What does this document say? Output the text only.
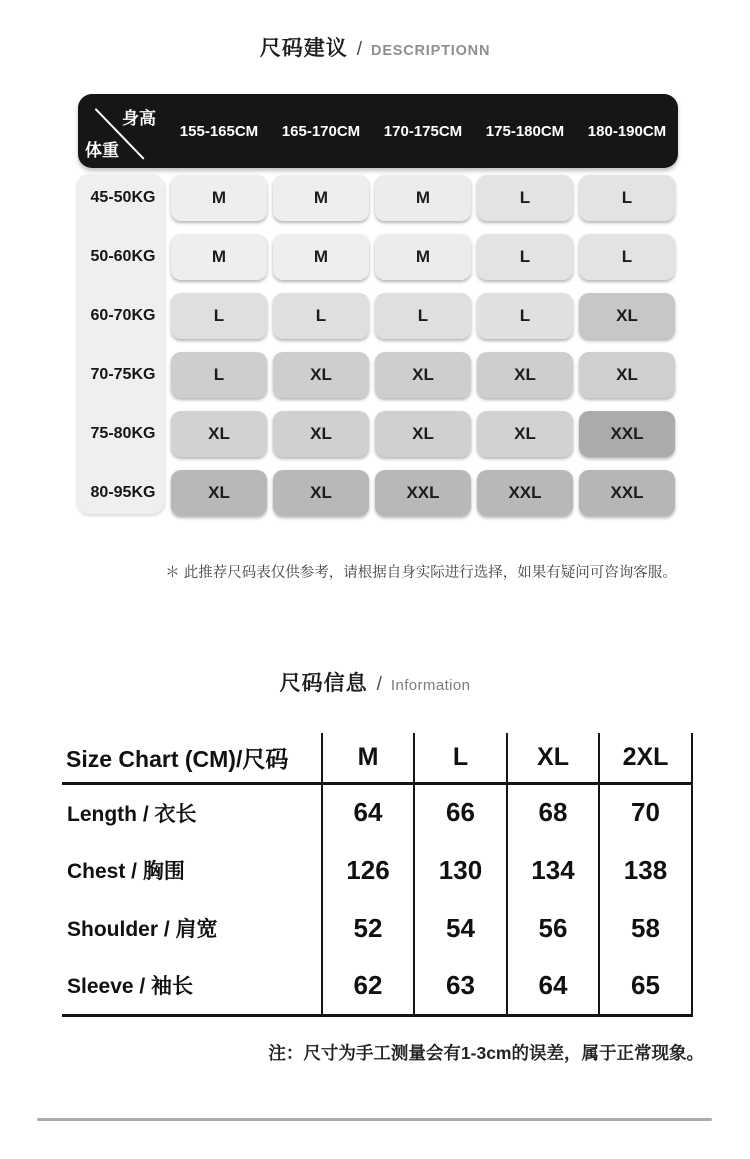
尺码建议 / DESCRIPTIONN
身高
体重
155-165CM	165-170CM	170-175CM	175-180CM	180-190CM
45-50KG	M	M	M	L	L
50-60KG	M	M	M	L	L
60-70KG	L	L	L	L	XL
70-75KG	L	XL	XL	XL	XL
75-80KG	XL	XL	XL	XL	XXL
80-95KG	XL	XL	XXL	XXL	XXL
＊ 此推荐尺码表仅供参考，请根据自身实际进行选择，如果有疑问可咨询客服。
尺码信息 / Information
Size Chart (CM)/尺码	M	L	XL	2XL
Length / 衣长	64	66	68	70
Chest / 胸围	126	130	134	138
Shoulder / 肩宽	52	54	56	58
Sleeve / 袖长	62	63	64	65
注：尺寸为手工测量会有1-3cm的误差，属于正常现象。
